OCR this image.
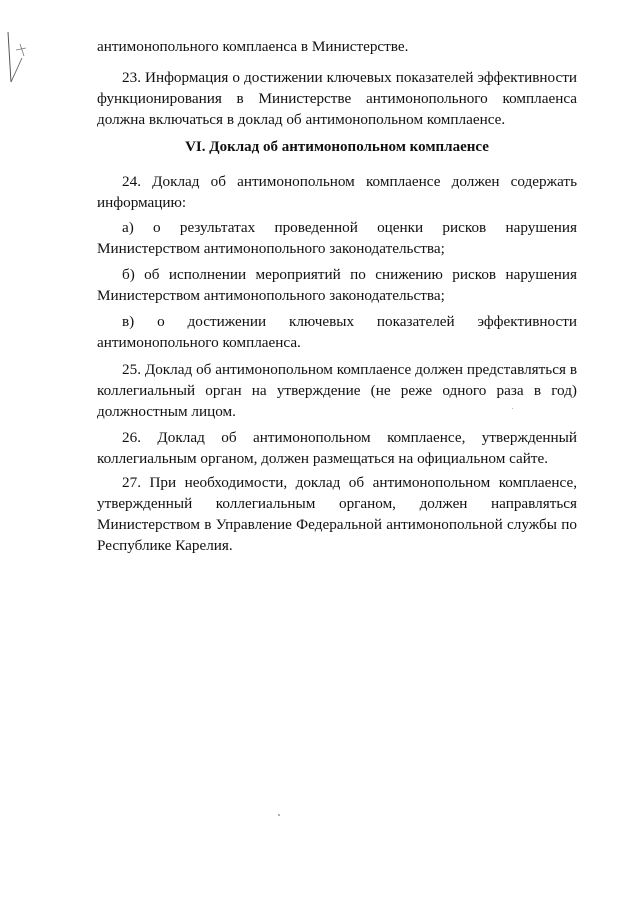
антимонопольного комплаенса в Министерстве.

23. Информация о достижении ключевых показателей эффективности функционирования в Министерстве антимонопольного комплаенса должна включаться в доклад об антимонопольном комплаенсе.

VI. Доклад об антимонопольном комплаенсе

24. Доклад об антимонопольном комплаенсе должен содержать информацию:

а) о результатах проведенной оценки рисков нарушения Министерством антимонопольного законодательства;

б) об исполнении мероприятий по снижению рисков нарушения Министерством антимонопольного законодательства;

в) о достижении ключевых показателей эффективности антимонопольного комплаенса.

25. Доклад об антимонопольном комплаенсе должен представляться в коллегиальный орган на утверждение (не реже одного раза в год) должностным лицом.

26. Доклад об антимонопольном комплаенсе, утвержденный коллегиальным органом, должен размещаться на официальном сайте.

27. При необходимости, доклад об антимонопольном комплаенсе, утвержденный коллегиальным органом, должен направляться Министерством в Управление Федеральной антимонопольной службы по Республике Карелия.
